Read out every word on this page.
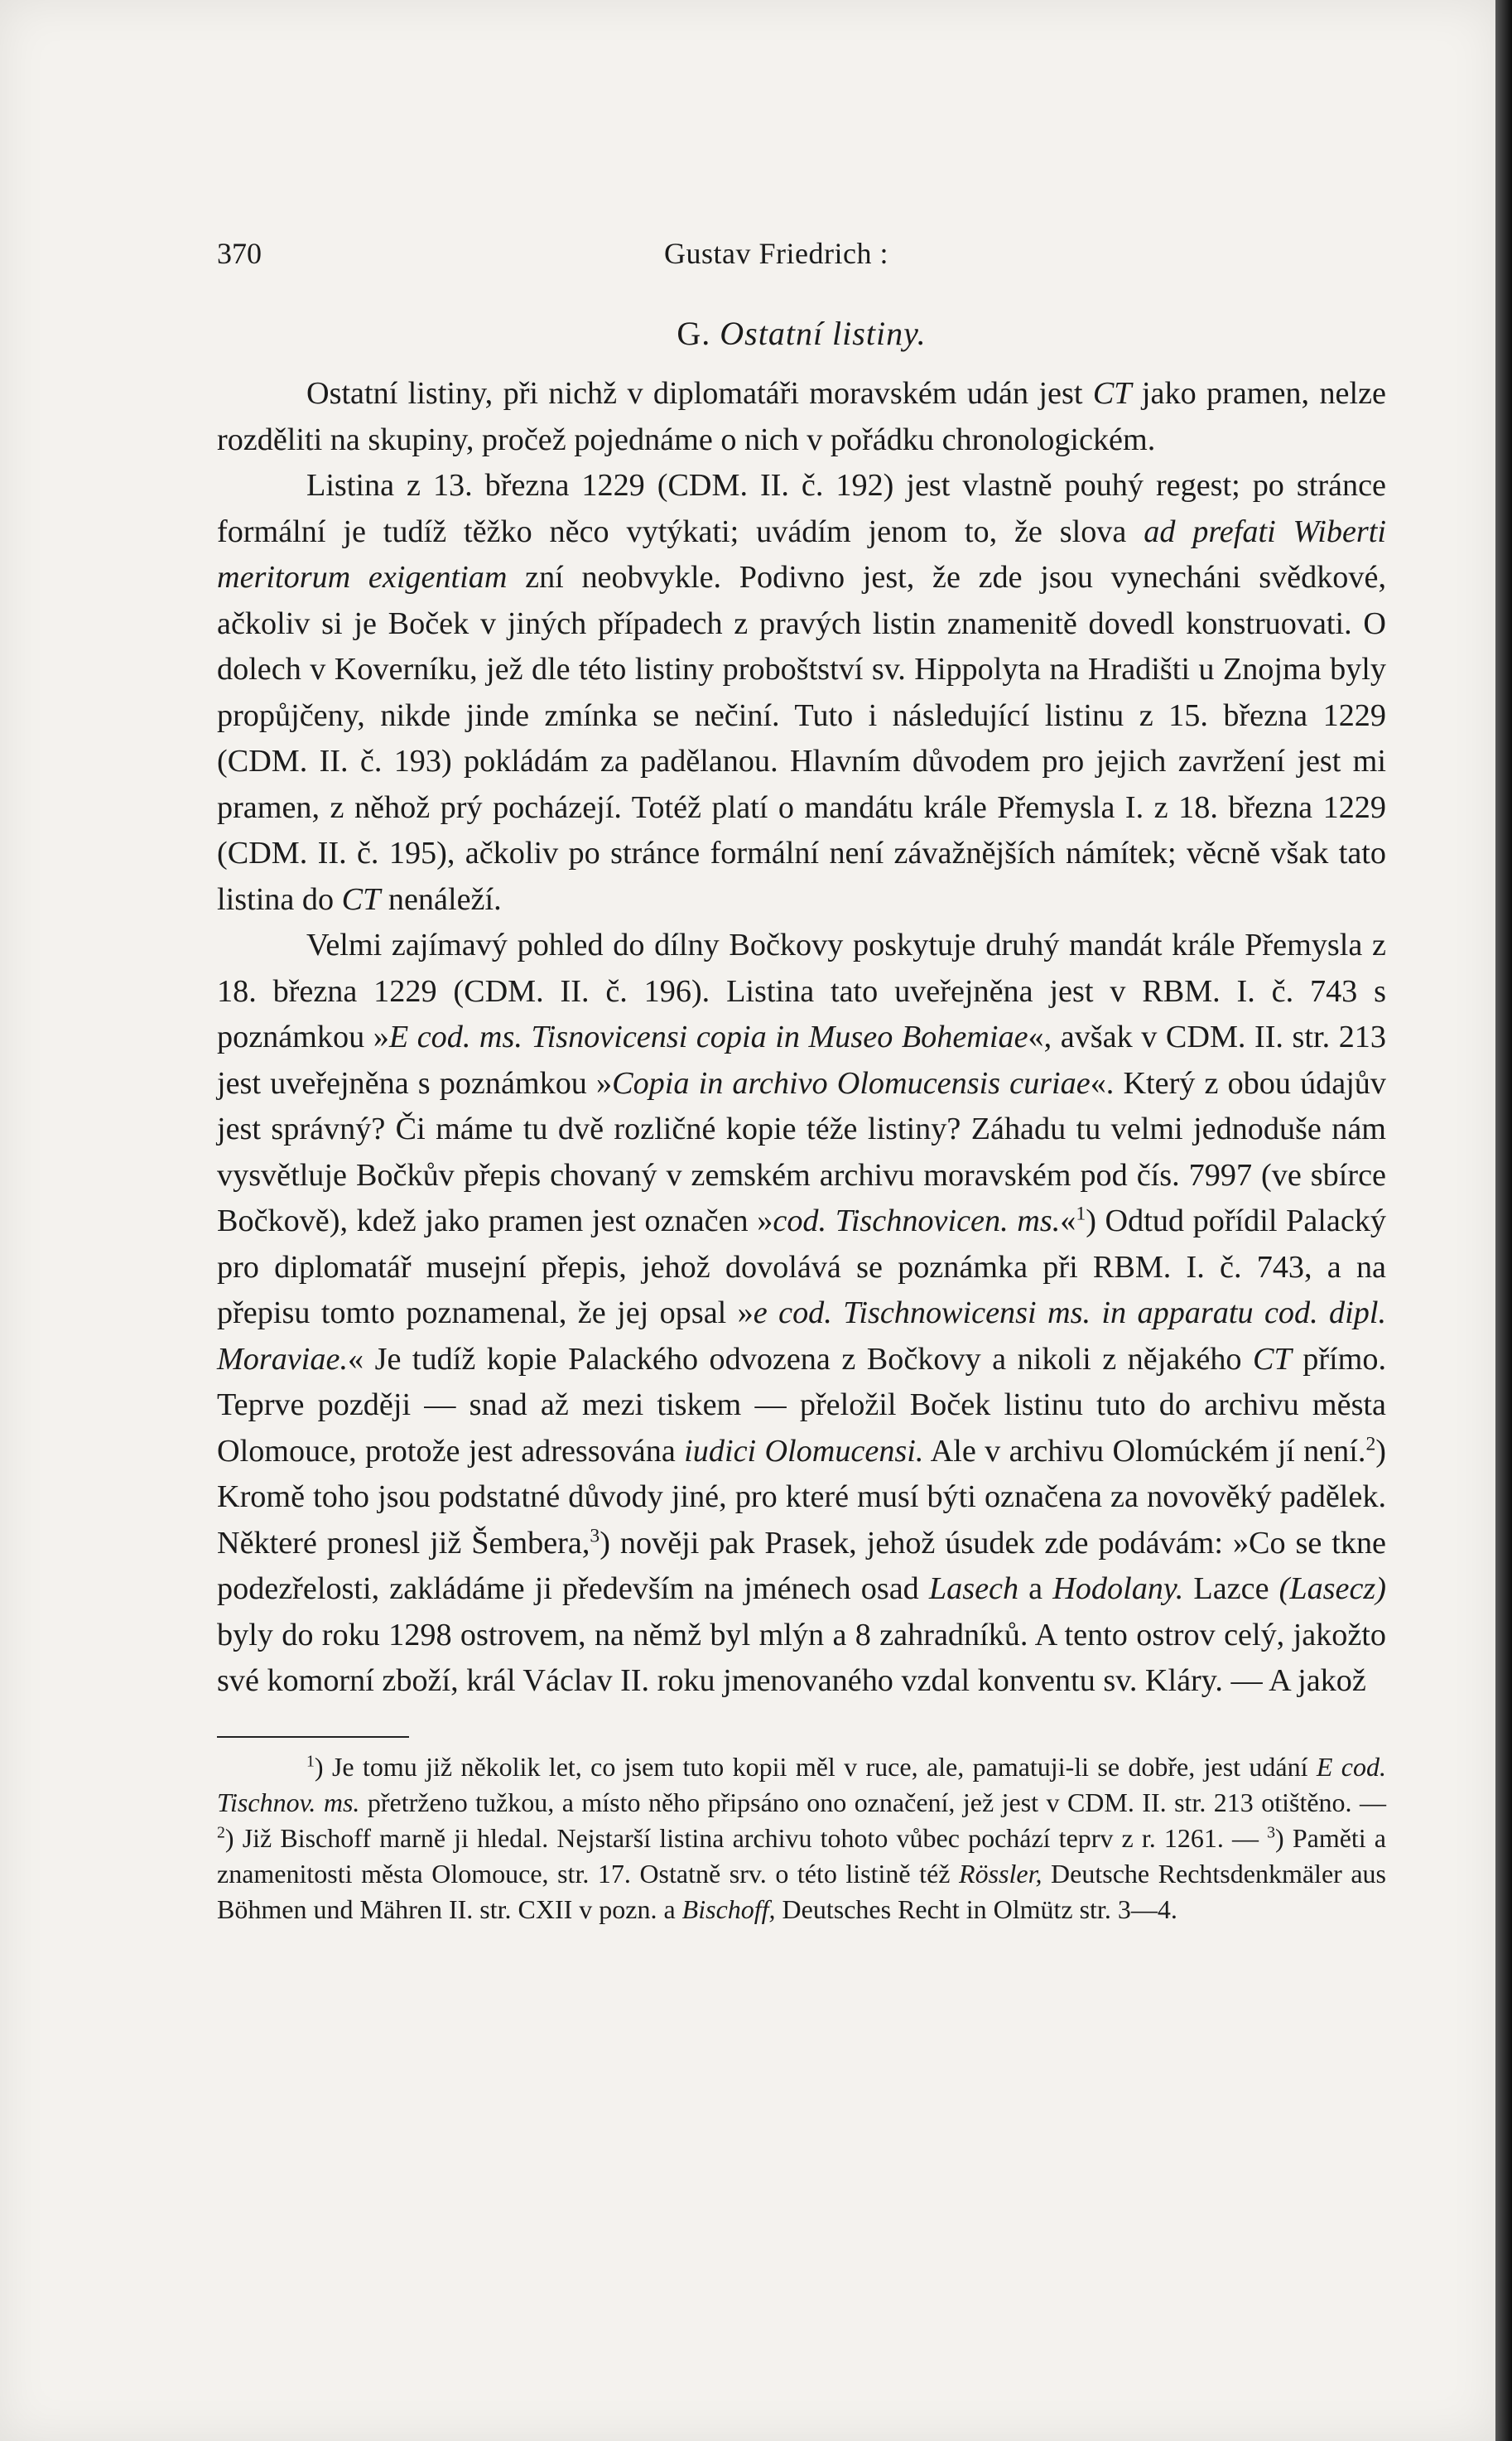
370	Gustav Friedrich :
G. Ostatní listiny.

Ostatní listiny, při nichž v diplomatáři moravském udán jest CT jako pramen, nelze rozděliti na skupiny, pročež pojednáme o nich v pořádku chronologickém.

Listina z 13. března 1229 (CDM. II. č. 192) jest vlastně pouhý regest; po stránce formální je tudíž těžko něco vytýkati; uvádím jenom to, že slova ad prefati Wiberti meritorum exigentiam zní neobvykle. Podivno jest, že zde jsou vynecháni svědkové, ačkoliv si je Boček v jiných případech z pravých listin znamenitě dovedl konstruovati. O dolech v Koverníku, jež dle této listiny proboštství sv. Hippolyta na Hradišti u Znojma byly propůjčeny, nikde jinde zmínka se nečiní. Tuto i následující listinu z 15. března 1229 (CDM. II. č. 193) pokládám za padělanou. Hlavním důvodem pro jejich zavržení jest mi pramen, z něhož prý pocházejí. Totéž platí o mandátu krále Přemysla I. z 18. března 1229 (CDM. II. č. 195), ačkoliv po stránce formální není závažnějších námítek; věcně však tato listina do CT nenáleží.

Velmi zajímavý pohled do dílny Bočkovy poskytuje druhý mandát krále Přemysla z 18. března 1229 (CDM. II. č. 196). Listina tato uveřejněna jest v RBM. I. č. 743 s poznámkou »E cod. ms. Tisnovicensi copia in Museo Bohemiae«, avšak v CDM. II. str. 213 jest uveřejněna s poznámkou »Copia in archivo Olomucensis curiae«. Který z obou údajův jest správný? Či máme tu dvě rozličné kopie téže listiny? Záhadu tu velmi jednoduše nám vysvětluje Bočkův přepis chovaný v zemském archivu moravském pod čís. 7997 (ve sbírce Bočkově), kdež jako pramen jest označen »cod. Tischnovicen. ms.«$^1$) Odtud pořídil Palacký pro diplomatář musejní přepis, jehož dovolává se poznámka při RBM. I. č. 743, a na přepisu tomto poznamenal, že jej opsal »e cod. Tischnowicensi ms. in apparatu cod. dipl. Moraviae.« Je tudíž kopie Palackého odvozena z Bočkovy a nikoli z nějakého CT přímo. Teprve později — snad až mezi tiskem — přeložil Boček listinu tuto do archivu města Olomouce, protože jest adressována iudici Olomucensi. Ale v archivu Olomúckém jí není.$^2$) Kromě toho jsou podstatné důvody jiné, pro které musí býti označena za novověký padělek. Některé pronesl již Šembera,$^3$) nověji pak Prasek, jehož úsudek zde podávám: »Co se tkne podezřelosti, zakládáme ji především na jménech osad Lasech a Hodolany. Lazce (Lasecz) byly do roku 1298 ostrovem, na němž byl mlýn a 8 zahradníků. A tento ostrov celý, jakožto své komorní zboží, král Václav II. roku jmenovaného vzdal konventu sv. Kláry. — A jakož

$^1$) Je tomu již několik let, co jsem tuto kopii měl v ruce, ale, pamatuji-li se dobře, jest udání E cod. Tischnov. ms. přetrženo tužkou, a místo něho připsáno ono označení, jež jest v CDM. II. str. 213 otištěno. — $^2$) Již Bischoff marně ji hledal. Nejstarší listina archivu tohoto vůbec pochází teprv z r. 1261. — $^3$) Paměti a znamenitosti města Olomouce, str. 17. Ostatně srv. o této listině též Rössler, Deutsche Rechtsdenkmäler aus Böhmen und Mähren II. str. CXII v pozn. a Bischoff, Deutsches Recht in Olmütz str. 3—4.
